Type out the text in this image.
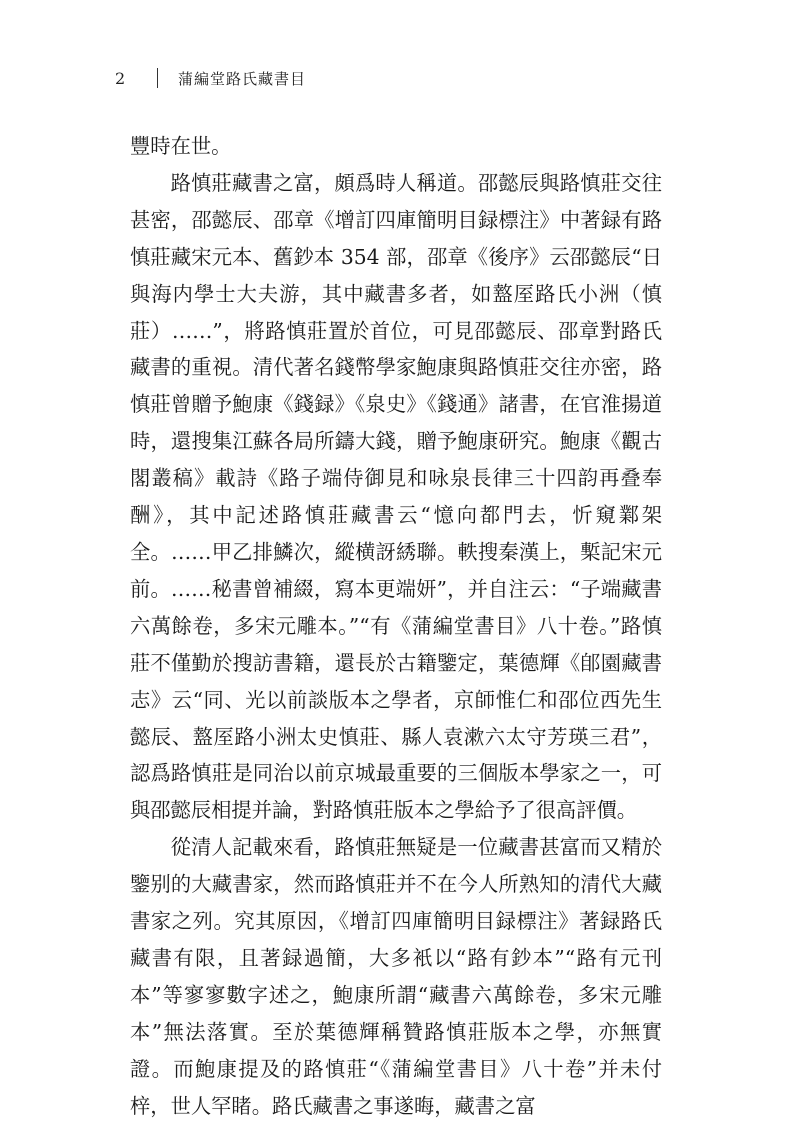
2	蒲編堂路氏藏書目

豐時在世。

路慎莊藏書之富，頗爲時人稱道。邵懿辰與路慎莊交往甚密，邵懿辰、邵章《增訂四庫簡明目録標注》中著録有路慎莊藏宋元本、舊鈔本 354 部，邵章《後序》云邵懿辰“日與海内學士大夫游，其中藏書多者，如盩厔路氏小洲（慎莊）……”，將路慎莊置於首位，可見邵懿辰、邵章對路氏藏書的重視。清代著名錢幣學家鮑康與路慎莊交往亦密，路慎莊曾贈予鮑康《錢録》《泉史》《錢通》諸書，在官淮揚道時，還搜集江蘇各局所鑄大錢，贈予鮑康研究。鮑康《觀古閣叢稿》載詩《路子端侍御見和咏泉長律三十四韵再叠奉酬》，其中記述路慎莊藏書云“憶向都門去，忻窺鄴架全。……甲乙排鱗次，縱横訝綉聯。軼搜秦漢上，槧記宋元前。……秘書曾補綴，寫本更端妍”，并自注云：“子端藏書六萬餘卷，多宋元雕本。”“有《蒲編堂書目》八十卷。”路慎莊不僅勤於搜訪書籍，還長於古籍鑒定，葉德輝《郋園藏書志》云“同、光以前談版本之學者，京師惟仁和邵位西先生懿辰、盩厔路小洲太史慎莊、縣人袁漱六太守芳瑛三君”，認爲路慎莊是同治以前京城最重要的三個版本學家之一，可與邵懿辰相提并論，對路慎莊版本之學給予了很高評價。

從清人記載來看，路慎莊無疑是一位藏書甚富而又精於鑒别的大藏書家，然而路慎莊并不在今人所熟知的清代大藏書家之列。究其原因，《增訂四庫簡明目録標注》著録路氏藏書有限，且著録過簡，大多衹以“路有鈔本”“路有元刊本”等寥寥數字述之，鮑康所謂“藏書六萬餘卷，多宋元雕本”無法落實。至於葉德輝稱贊路慎莊版本之學，亦無實證。而鮑康提及的路慎莊“《蒲編堂書目》八十卷”并未付梓，世人罕睹。路氏藏書之事遂晦，藏書之富
